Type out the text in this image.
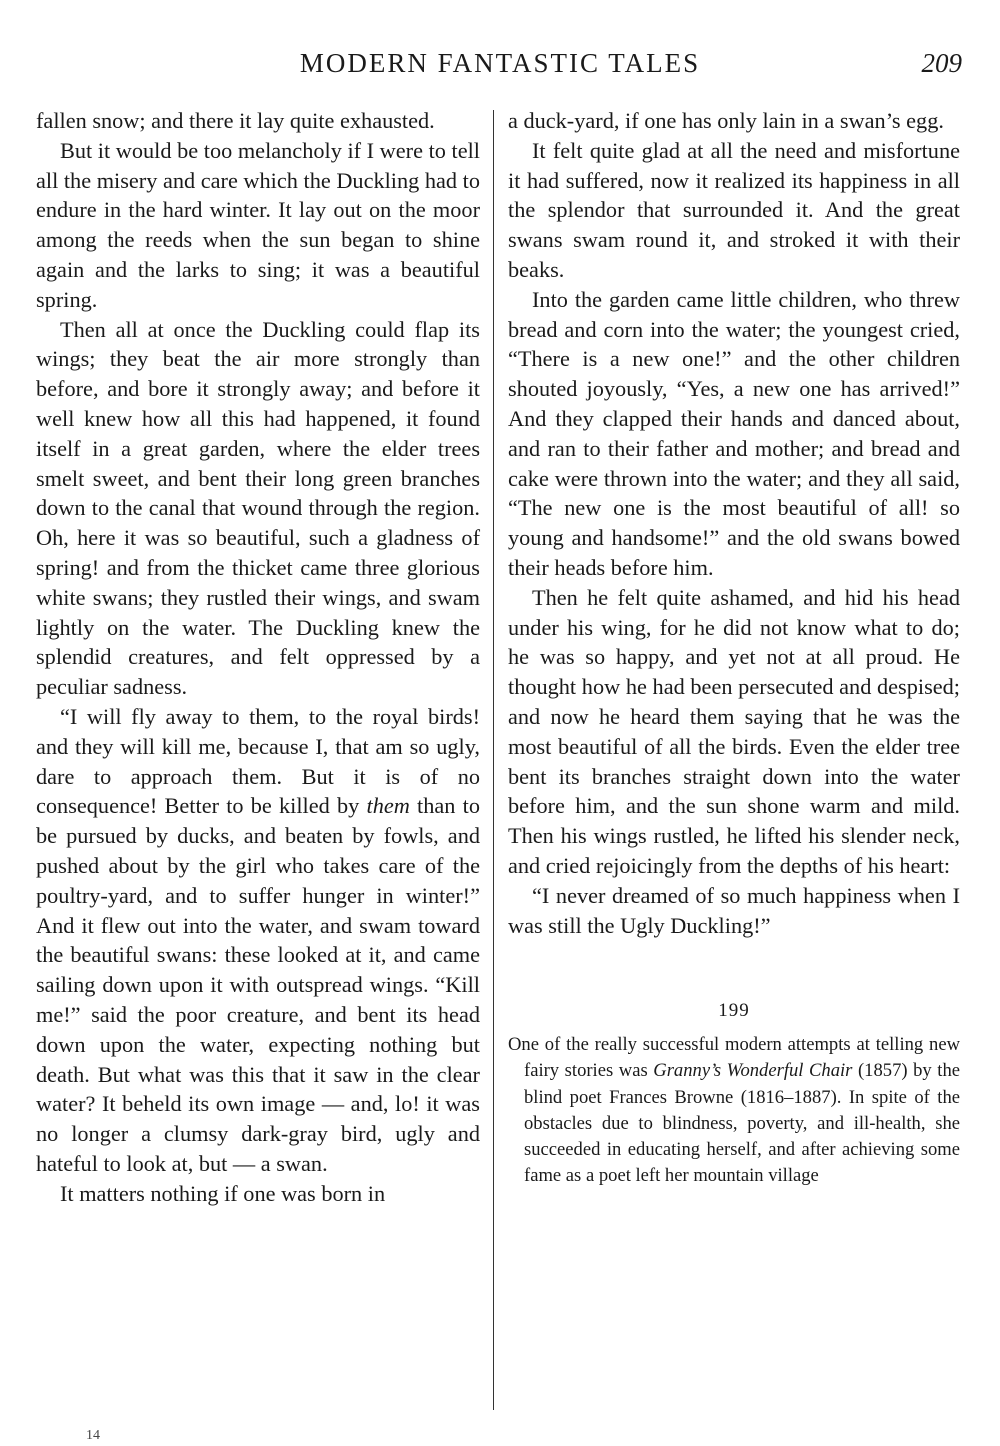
MODERN FANTASTIC TALES	209

fallen snow; and there it lay quite exhausted.

But it would be too melancholy if I were to tell all the misery and care which the Duckling had to endure in the hard winter. It lay out on the moor among the reeds when the sun began to shine again and the larks to sing; it was a beautiful spring.

Then all at once the Duckling could flap its wings; they beat the air more strongly than before, and bore it strongly away; and before it well knew how all this had happened, it found itself in a great garden, where the elder trees smelt sweet, and bent their long green branches down to the canal that wound through the region. Oh, here it was so beautiful, such a gladness of spring! and from the thicket came three glorious white swans; they rustled their wings, and swam lightly on the water. The Duckling knew the splendid creatures, and felt oppressed by a peculiar sadness.

“I will fly away to them, to the royal birds! and they will kill me, because I, that am so ugly, dare to approach them. But it is of no consequence! Better to be killed by them than to be pursued by ducks, and beaten by fowls, and pushed about by the girl who takes care of the poultry-yard, and to suffer hunger in winter!” And it flew out into the water, and swam toward the beautiful swans: these looked at it, and came sailing down upon it with outspread wings. “Kill me!” said the poor creature, and bent its head down upon the water, expecting nothing but death. But what was this that it saw in the clear water? It beheld its own image — and, lo! it was no longer a clumsy dark-gray bird, ugly and hateful to look at, but — a swan.

It matters nothing if one was born in

a duck-yard, if one has only lain in a swan’s egg.

It felt quite glad at all the need and misfortune it had suffered, now it realized its happiness in all the splendor that surrounded it. And the great swans swam round it, and stroked it with their beaks.

Into the garden came little children, who threw bread and corn into the water; the youngest cried, “There is a new one!” and the other children shouted joyously, “Yes, a new one has arrived!” And they clapped their hands and danced about, and ran to their father and mother; and bread and cake were thrown into the water; and they all said, “The new one is the most beautiful of all! so young and handsome!” and the old swans bowed their heads before him.

Then he felt quite ashamed, and hid his head under his wing, for he did not know what to do; he was so happy, and yet not at all proud. He thought how he had been persecuted and despised; and now he heard them saying that he was the most beautiful of all the birds. Even the elder tree bent its branches straight down into the water before him, and the sun shone warm and mild. Then his wings rustled, he lifted his slender neck, and cried rejoicingly from the depths of his heart:

“I never dreamed of so much happiness when I was still the Ugly Duckling!”

199
One of the really successful modern attempts at telling new fairy stories was Granny’s Wonderful Chair (1857) by the blind poet Frances Browne (1816–1887). In spite of the obstacles due to blindness, poverty, and ill-health, she succeeded in educating herself, and after achieving some fame as a poet left her mountain village
14
